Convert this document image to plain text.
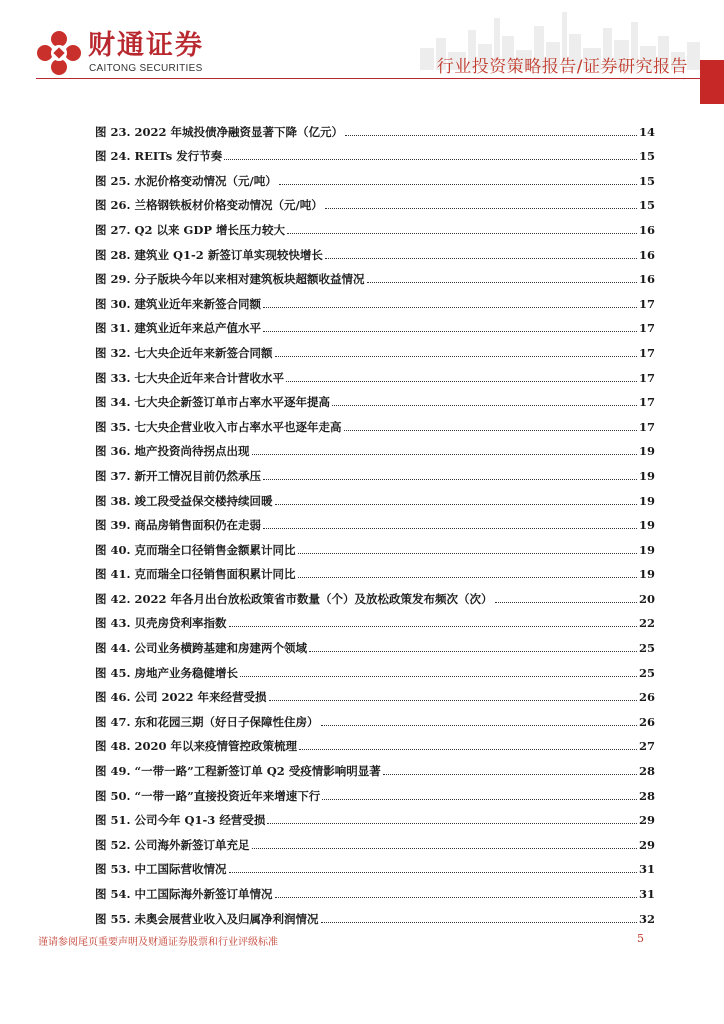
财通证券
CAITONG SECURITIES	行业投资策略报告/证券研究报告
图 23. 2022 年城投债净融资显著下降（亿元）	14
图 24. REITs 发行节奏	15
图 25. 水泥价格变动情况（元/吨）	15
图 26. 兰格钢铁板材价格变动情况（元/吨）	15
图 27. Q2 以来 GDP 增长压力较大	16
图 28. 建筑业 Q1-2 新签订单实现较快增长	16
图 29. 分子版块今年以来相对建筑板块超额收益情况	16
图 30. 建筑业近年来新签合同额	17
图 31. 建筑业近年来总产值水平	17
图 32. 七大央企近年来新签合同额	17
图 33. 七大央企近年来合计营收水平	17
图 34. 七大央企新签订单市占率水平逐年提高	17
图 35. 七大央企营业收入市占率水平也逐年走高	17
图 36. 地产投资尚待拐点出现	19
图 37. 新开工情况目前仍然承压	19
图 38. 竣工段受益保交楼持续回暖	19
图 39. 商品房销售面积仍在走弱	19
图 40. 克而瑞全口径销售金额累计同比	19
图 41. 克而瑞全口径销售面积累计同比	19
图 42. 2022 年各月出台放松政策省市数量（个）及放松政策发布频次（次）	20
图 43. 贝壳房贷利率指数	22
图 44. 公司业务横跨基建和房建两个领域	25
图 45. 房地产业务稳健增长	25
图 46. 公司 2022 年来经营受损	26
图 47. 东和花园三期（好日子保障性住房）	26
图 48. 2020 年以来疫情管控政策梳理	27
图 49. “一带一路”工程新签订单 Q2 受疫情影响明显著	28
图 50. “一带一路”直接投资近年来增速下行	28
图 51. 公司今年 Q1-3 经营受损	29
图 52. 公司海外新签订单充足	29
图 53. 中工国际营收情况	31
图 54. 中工国际海外新签订单情况	31
图 55. 未奥会展营业收入及归属净利润情况	32
谨请参阅尾页重要声明及财通证券股票和行业评级标准	5
